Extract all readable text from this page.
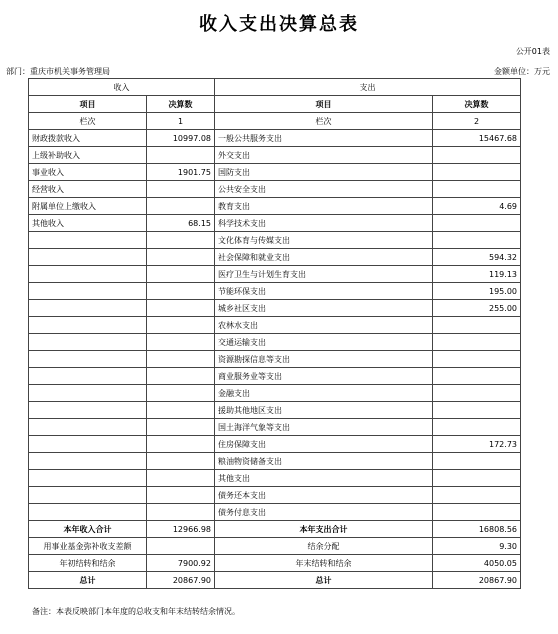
收入支出决算总表
公开01表
部门：重庆市机关事务管理局	金额单位：万元
收入		支出	
项目	决算数	项目	决算数
栏次	1	栏次	2
财政拨款收入	10997.08	一般公共服务支出	15467.68
上级补助收入		外交支出	
事业收入	1901.75	国防支出	
经营收入		公共安全支出	
附属单位上缴收入		教育支出	4.69
其他收入	68.15	科学技术支出	
		文化体育与传媒支出	
		社会保障和就业支出	594.32
		医疗卫生与计划生育支出	119.13
		节能环保支出	195.00
		城乡社区支出	255.00
		农林水支出	
		交通运输支出	
		资源勘探信息等支出	
		商业服务业等支出	
		金融支出	
		援助其他地区支出	
		国土海洋气象等支出	
		住房保障支出	172.73
		粮油物资储备支出	
		其他支出	
		债务还本支出	
		债务付息支出	
本年收入合计	12966.98	本年支出合计	16808.56
用事业基金弥补收支差额		结余分配	9.30
年初结转和结余	7900.92	年末结转和结余	4050.05
总计	20867.90	总计	20867.90
备注：本表反映部门本年度的总收支和年末结转结余情况。
